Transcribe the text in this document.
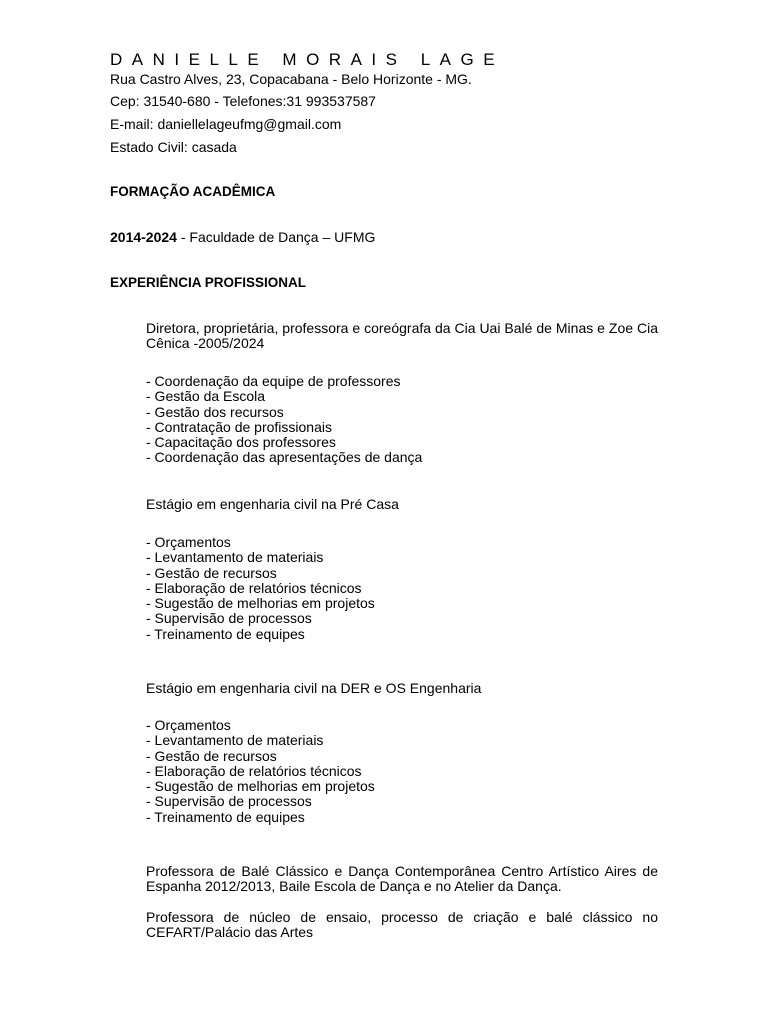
DANIELLE MORAIS LAGE
Rua Castro Alves, 23, Copacabana - Belo Horizonte - MG.
Cep: 31540-680 - Telefones:31 993537587
E-mail: daniellelageufmg@gmail.com
Estado Civil: casada
FORMAÇÃO ACADÊMICA
2014-2024 - Faculdade de Dança – UFMG
EXPERIÊNCIA PROFISSIONAL
Diretora, proprietária, professora e coreógrafa da Cia Uai Balé de Minas e Zoe Cia Cênica -2005/2024
- Coordenação da equipe de professores
- Gestão da Escola
- Gestão dos recursos
- Contratação de profissionais
- Capacitação dos professores
- Coordenação das apresentações de dança
Estágio em engenharia civil na Pré Casa
- Orçamentos
- Levantamento de materiais
- Gestão de recursos
- Elaboração de relatórios técnicos
- Sugestão de melhorias em projetos
- Supervisão de processos
- Treinamento de equipes
Estágio em engenharia civil na DER e OS Engenharia
- Orçamentos
- Levantamento de materiais
- Gestão de recursos
- Elaboração de relatórios técnicos
- Sugestão de melhorias em projetos
- Supervisão de processos
- Treinamento de equipes
Professora de Balé Clássico e Dança Contemporânea Centro Artístico Aires de Espanha 2012/2013, Baile Escola de Dança e no Atelier da Dança.
Professora de núcleo de ensaio, processo de criação e balé clássico no CEFART/Palácio das Artes
